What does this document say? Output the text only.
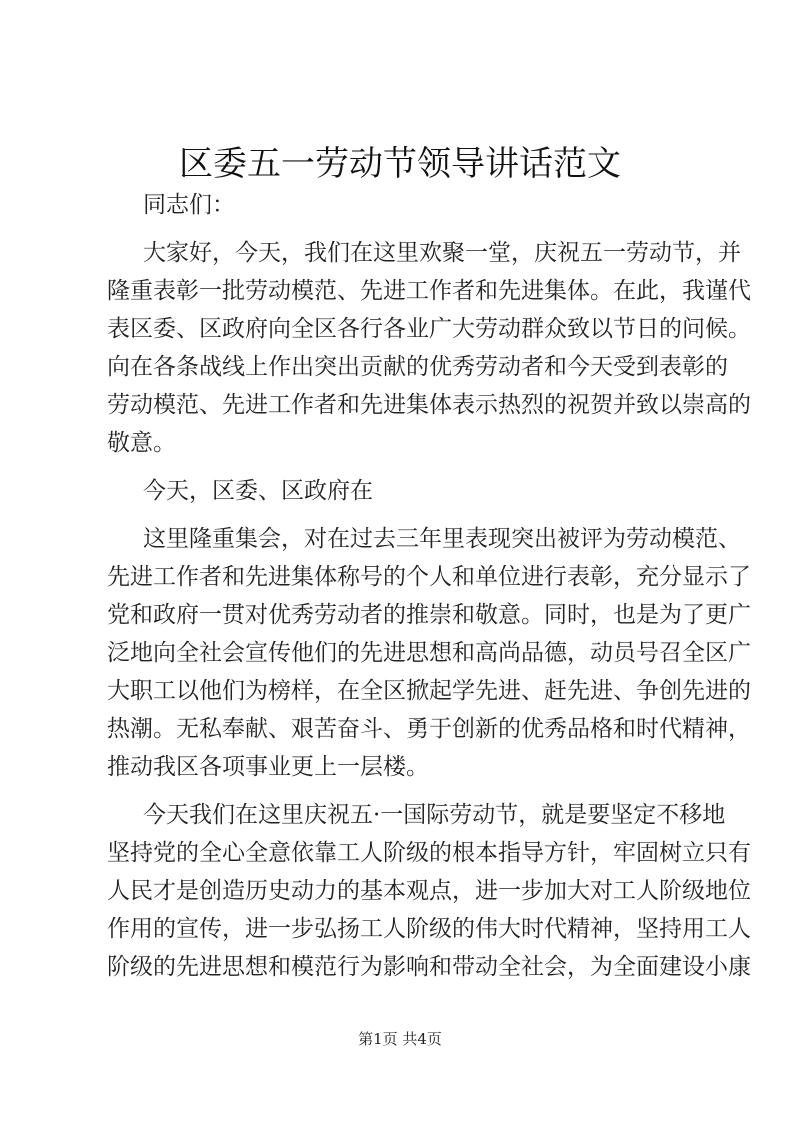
区委五一劳动节领导讲话范文
同志们：
大家好，今天，我们在这里欢聚一堂，庆祝五一劳动节，并
隆重表彰一批劳动模范、先进工作者和先进集体。在此，我谨代
表区委、区政府向全区各行各业广大劳动群众致以节日的问候。
向在各条战线上作出突出贡献的优秀劳动者和今天受到表彰的
劳动模范、先进工作者和先进集体表示热烈的祝贺并致以崇高的
敬意。
今天，区委、区政府在
这里隆重集会，对在过去三年里表现突出被评为劳动模范、
先进工作者和先进集体称号的个人和单位进行表彰，充分显示了
党和政府一贯对优秀劳动者的推崇和敬意。同时，也是为了更广
泛地向全社会宣传他们的先进思想和高尚品德，动员号召全区广
大职工以他们为榜样，在全区掀起学先进、赶先进、争创先进的
热潮。无私奉献、艰苦奋斗、勇于创新的优秀品格和时代精神，
推动我区各项事业更上一层楼。
今天我们在这里庆祝五·一国际劳动节，就是要坚定不移地
坚持党的全心全意依靠工人阶级的根本指导方针，牢固树立只有
人民才是创造历史动力的基本观点，进一步加大对工人阶级地位
作用的宣传，进一步弘扬工人阶级的伟大时代精神，坚持用工人
阶级的先进思想和模范行为影响和带动全社会，为全面建设小康
第1页 共4页
